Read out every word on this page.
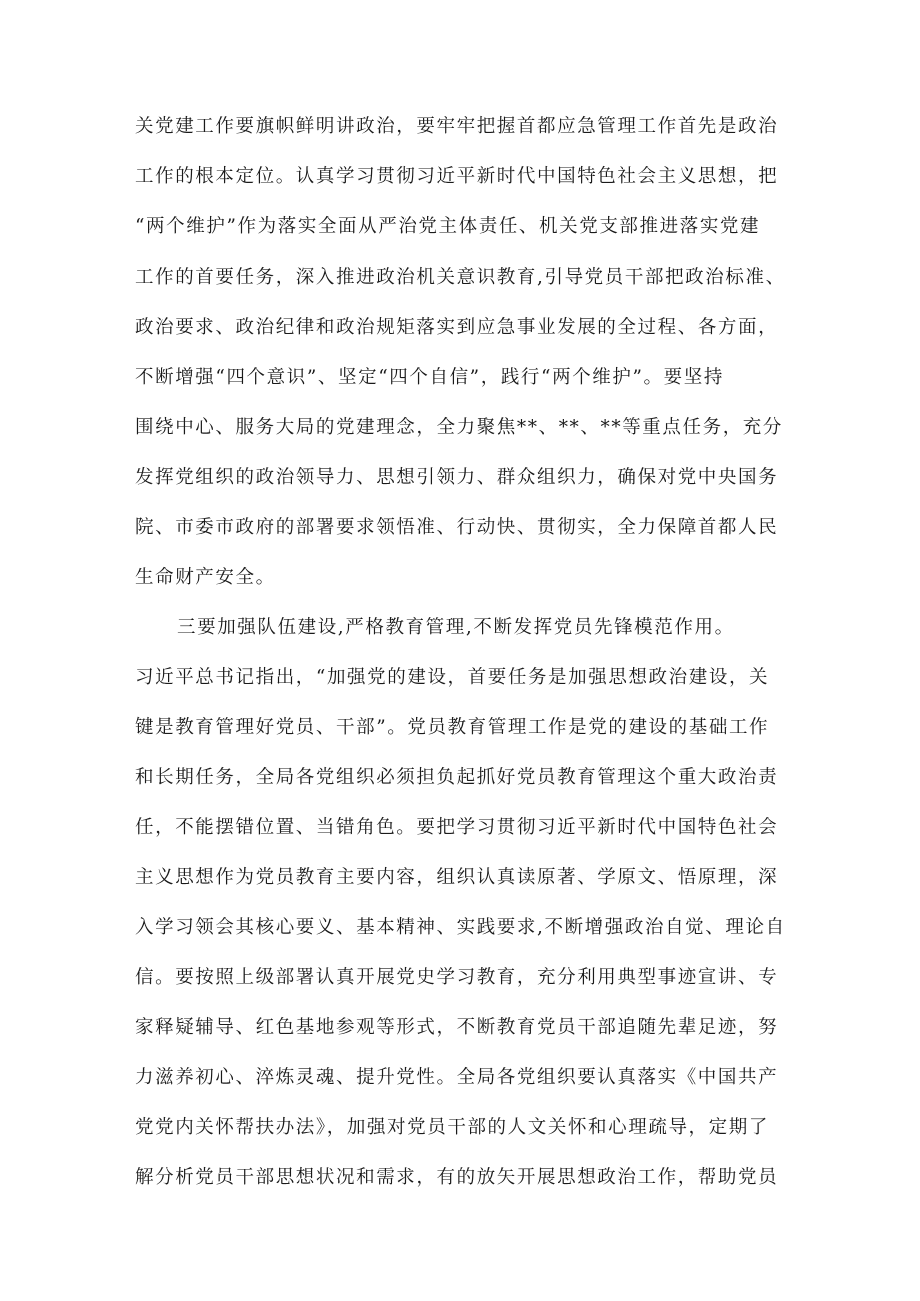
关党建工作要旗帜鲜明讲政治，要牢牢把握首都应急管理工作首先是政治
工作的根本定位。认真学习贯彻习近平新时代中国特色社会主义思想，把
“两个维护”作为落实全面从严治党主体责任、机关党支部推进落实党建
工作的首要任务，深入推进政治机关意识教育,引导党员干部把政治标准、
政治要求、政治纪律和政治规矩落实到应急事业发展的全过程、各方面，
不断增强“四个意识”、坚定“四个自信”，践行“两个维护”。要坚持
围绕中心、服务大局的党建理念，全力聚焦**、**、**等重点任务，充分
发挥党组织的政治领导力、思想引领力、群众组织力，确保对党中央国务
院、市委市政府的部署要求领悟准、行动快、贯彻实，全力保障首都人民
生命财产安全。
三要加强队伍建设,严格教育管理,不断发挥党员先锋模范作用。
习近平总书记指出，“加强党的建设，首要任务是加强思想政治建设，关
键是教育管理好党员、干部”。党员教育管理工作是党的建设的基础工作
和长期任务，全局各党组织必须担负起抓好党员教育管理这个重大政治责
任，不能摆错位置、当错角色。要把学习贯彻习近平新时代中国特色社会
主义思想作为党员教育主要内容，组织认真读原著、学原文、悟原理，深
入学习领会其核心要义、基本精神、实践要求,不断增强政治自觉、理论自
信。要按照上级部署认真开展党史学习教育，充分利用典型事迹宣讲、专
家释疑辅导、红色基地参观等形式，不断教育党员干部追随先辈足迹，努
力滋养初心、淬炼灵魂、提升党性。全局各党组织要认真落实《中国共产
党党内关怀帮扶办法》，加强对党员干部的人文关怀和心理疏导，定期了
解分析党员干部思想状况和需求，有的放矢开展思想政治工作，帮助党员
